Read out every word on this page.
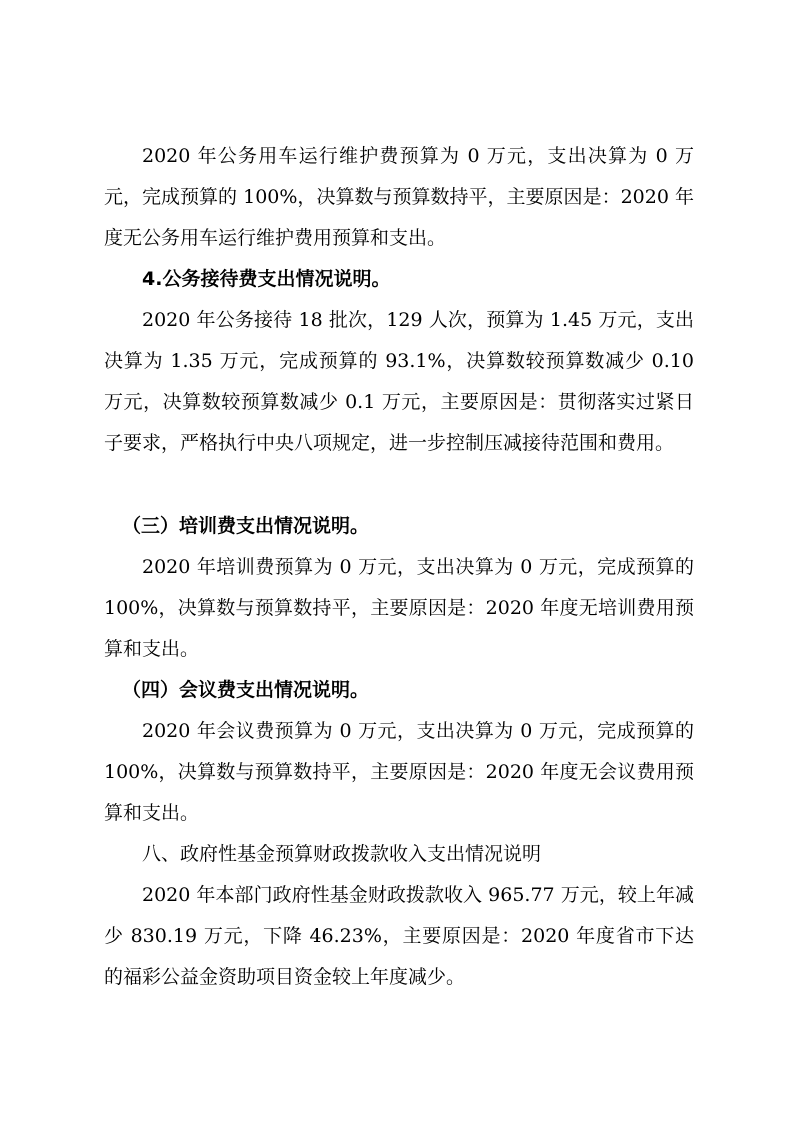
2020 年公务用车运行维护费预算为 0 万元，支出决算为 0 万元，完成预算的 100%，决算数与预算数持平，主要原因是：2020 年度无公务用车运行维护费用预算和支出。

4.公务接待费支出情况说明。

2020 年公务接待 18 批次，129 人次，预算为 1.45 万元，支出决算为 1.35 万元，完成预算的 93.1%，决算数较预算数减少 0.10 万元，决算数较预算数减少 0.1 万元，主要原因是：贯彻落实过紧日子要求，严格执行中央八项规定，进一步控制压减接待范围和费用。

（三）培训费支出情况说明。

2020 年培训费预算为 0 万元，支出决算为 0 万元，完成预算的 100%，决算数与预算数持平，主要原因是：2020 年度无培训费用预算和支出。

（四）会议费支出情况说明。

2020 年会议费预算为 0 万元，支出决算为 0 万元，完成预算的 100%，决算数与预算数持平，主要原因是：2020 年度无会议费用预算和支出。

八、政府性基金预算财政拨款收入支出情况说明

2020 年本部门政府性基金财政拨款收入 965.77 万元，较上年减少 830.19 万元，下降 46.23%，主要原因是：2020 年度省市下达的福彩公益金资助项目资金较上年度减少。
